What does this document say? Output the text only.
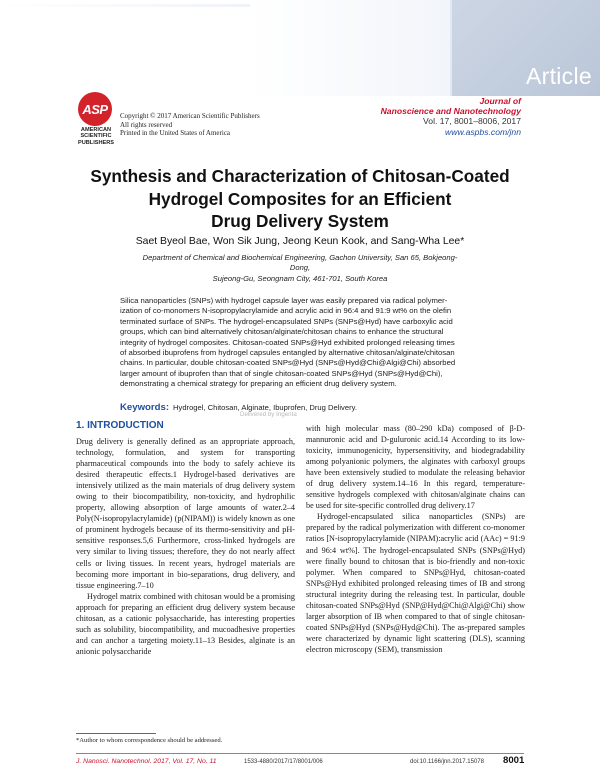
Article
ASP
AMERICAN
SCIENTIFIC
PUBLISHERS
Copyright © 2017 American Scientific Publishers
All rights reserved
Printed in the United States of America
Journal of
Nanoscience and Nanotechnology
Vol. 17, 8001–8006, 2017
www.aspbs.com/jnn
Synthesis and Characterization of Chitosan-Coated
Hydrogel Composites for an Efficient
Drug Delivery System
Saet Byeol Bae, Won Sik Jung, Jeong Keun Kook, and Sang-Wha Lee*
Department of Chemical and Biochemical Engineering, Gachon University, San 65, Bokjeong-Dong,
Sujeong-Gu, Seongnam City, 461-701, South Korea
Silica nanoparticles (SNPs) with hydrogel capsule layer was easily prepared via radical polymer-
ization of co-monomers N-isopropylacrylamide and acrylic acid in 96:4 and 91:9 wt% on the olefin
terminated surface of SNPs. The hydrogel-encapsulated SNPs (SNPs@Hyd) have carboxylic acid
groups, which can bind alternatively chitosan/alginate/chitosan chains to enhance the structural
integrity of hydrogel composites. Chitosan-coated SNPs@Hyd exhibited prolonged releasing times
of absorbed ibuprofens from hydrogel capsules entangled by alternative chitosan/alginate/chitosan
chains. In particular, double chitosan-coated SNPs@Hyd (SNPs@Hyd@Chi@Algi@Chi) absorbed
larger amount of ibuprofen than that of single chitosan-coated SNPs@Hyd (SNPs@Hyd@Chi),
demonstrating a chemical strategy for preparing an efficient drug delivery system.
Keywords: Hydrogel, Chitosan, Alginate, Ibuprofen, Drug Delivery.
Delivered by Ingenta
1. INTRODUCTION

Drug delivery is generally defined as an appropriate approach, technology, formulation, and system for transporting pharmaceutical compounds into the body to safely achieve its desired therapeutic effects.1 Hydrogel-based derivatives are intensively utilized as the main materials of drug delivery system owing to their biocompatibility, non-toxicity, and hydrophilic property, allowing absorption of large amounts of water.2–4 Poly(N-isopropylacrylamide) (p(NIPAM)) is widely known as one of prominent hydrogels because of its thermo-sensitivity and pH-sensitive responses.5,6 Furthermore, cross-linked hydrogels are very similar to living tissues; therefore, they do not nearly affect cells or living tissues. In recent years, hydrogel materials are becoming more important in bio-separations, drug delivery, and tissue engineering.7–10

Hydrogel matrix combined with chitosan would be a promising approach for preparing an efficient drug delivery system because chitosan, as a cationic polysaccharide, has interesting properties such as solubility, biocompatibility, and mucoadhesive properties and can anchor a targeting moiety.11–13 Besides, alginate is an anionic polysaccharide

with high molecular mass (80–290 kDa) composed of β-D-mannuronic acid and D-guluronic acid.14 According to its low-toxicity, immunogenicity, hypersensitivity, and biodegradability among polyanionic polymers, the alginates with carboxyl groups have been extensively studied to modulate the releasing behavior of drug delivery system.14–16 In this regard, temperature-sensitive hydrogels complexed with chitosan/alginate chains can be used for site-specific controlled drug delivery.17

Hydrogel-encapsulated silica nanoparticles (SNPs) are prepared by the radical polymerization with different co-monomer ratios [N-isopropylacrylamide (NIPAM):acrylic acid (AAc) = 91:9 and 96:4 wt%]. The hydrogel-encapsulated SNPs (SNPs@Hyd) were finally bound to chitosan that is bio-friendly and non-toxic polymer. When compared to SNPs@Hyd, chitosan-coated SNPs@Hyd exhibited prolonged releasing times of IB and strong structural integrity during the releasing test. In particular, double chitosan-coated SNPs@Hyd (SNP@Hyd@Chi@Algi@Chi) show larger absorption of IB when compared to that of single chitosan-coated SNPs@Hyd (SNPs@Hyd@Chi). The as-prepared samples were characterized by dynamic light scattering (DLS), scanning electron microscopy (SEM), transmission

*Author to whom correspondence should be addressed.
J. Nanosci. Nanotechnol. 2017, Vol. 17, No. 11	1533-4880/2017/17/8001/006	doi:10.1166/jnn.2017.15078 8001
